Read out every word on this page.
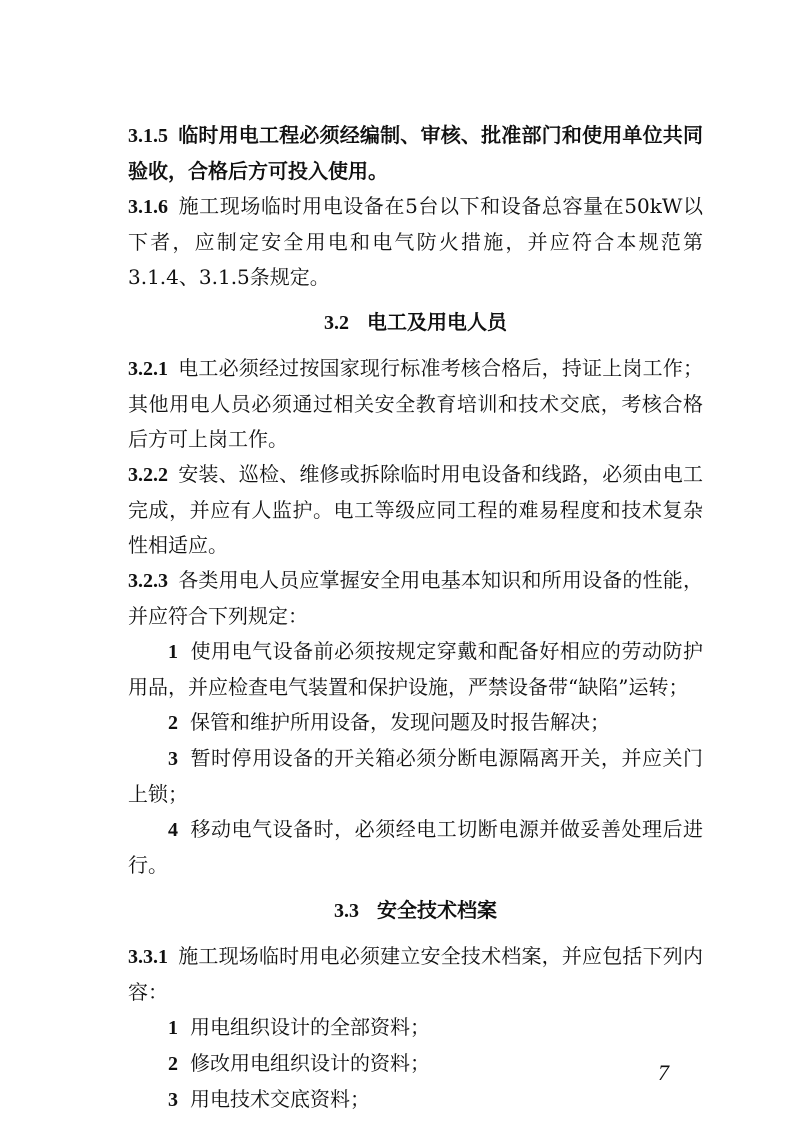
3.1.5 临时用电工程必须经编制、审核、批准部门和使用单位共同验收，合格后方可投入使用。

3.1.6 施工现场临时用电设备在5台以下和设备总容量在50kW以下者，应制定安全用电和电气防火措施，并应符合本规范第3.1.4、3.1.5条规定。

3.2 电工及用电人员

3.2.1 电工必须经过按国家现行标准考核合格后，持证上岗工作；其他用电人员必须通过相关安全教育培训和技术交底，考核合格后方可上岗工作。

3.2.2 安装、巡检、维修或拆除临时用电设备和线路，必须由电工完成，并应有人监护。电工等级应同工程的难易程度和技术复杂性相适应。

3.2.3 各类用电人员应掌握安全用电基本知识和所用设备的性能，并应符合下列规定：

1 使用电气设备前必须按规定穿戴和配备好相应的劳动防护用品，并应检查电气装置和保护设施，严禁设备带“缺陷”运转；

2 保管和维护所用设备，发现问题及时报告解决；

3 暂时停用设备的开关箱必须分断电源隔离开关，并应关门上锁；

4 移动电气设备时，必须经电工切断电源并做妥善处理后进行。

3.3 安全技术档案

3.3.1 施工现场临时用电必须建立安全技术档案，并应包括下列内容：

1 用电组织设计的全部资料；

2 修改用电组织设计的资料；

3 用电技术交底资料；

7
